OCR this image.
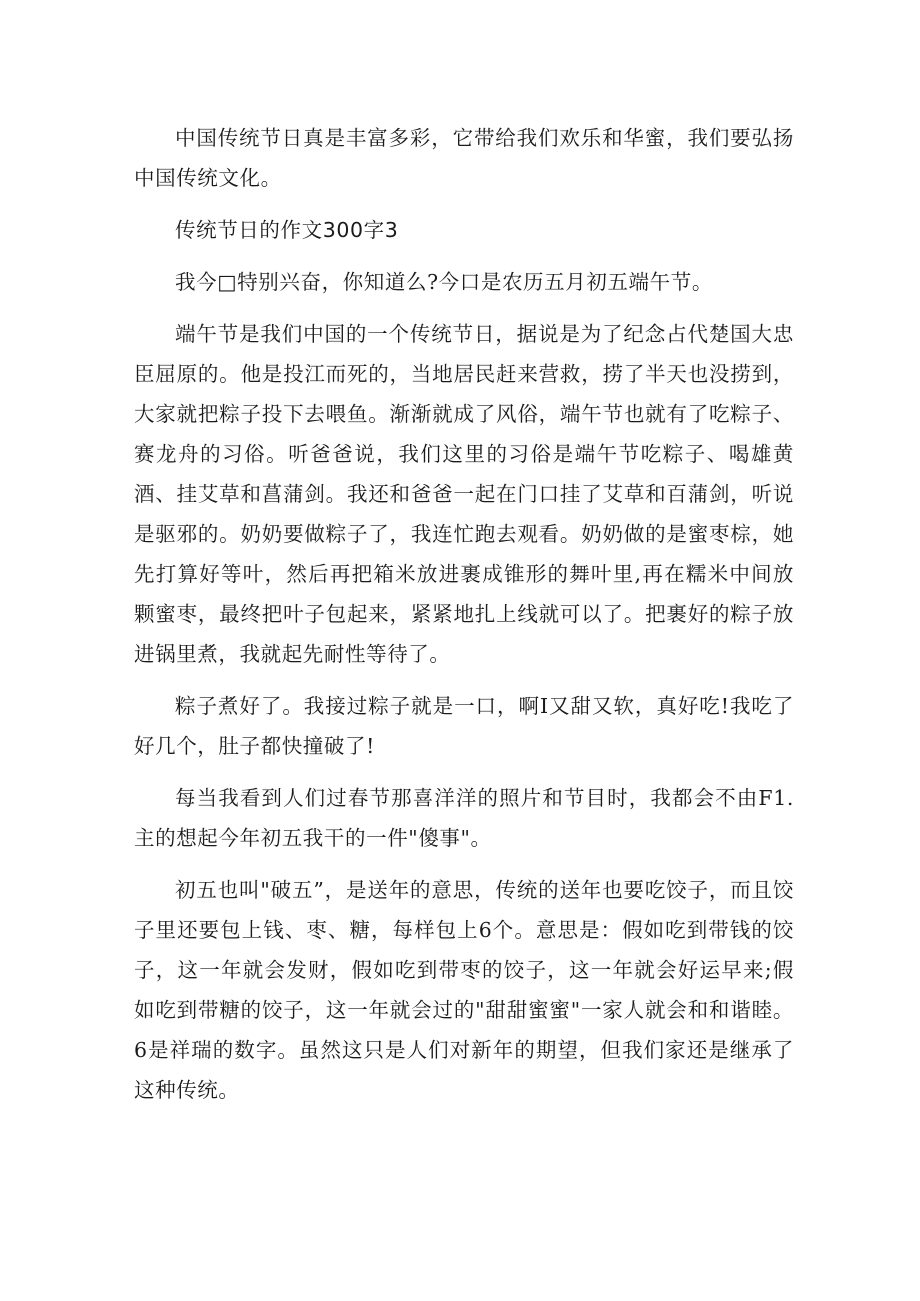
中国传统节日真是丰富多彩，它带给我们欢乐和华蜜，我们要弘扬中国传统文化。

传统节日的作文300字3

我今□特别兴奋，你知道么?今口是农历五月初五端午节。

端午节是我们中国的一个传统节日，据说是为了纪念占代楚国大忠臣屈原的。他是投江而死的，当地居民赶来营救，捞了半天也没捞到，大家就把粽子投下去喂鱼。渐渐就成了风俗，端午节也就有了吃粽子、赛龙舟的习俗。听爸爸说，我们这里的习俗是端午节吃粽子、喝雄黄酒、挂艾草和菖蒲剑。我还和爸爸一起在门口挂了艾草和百蒲剑，听说是驱邪的。奶奶要做粽子了，我连忙跑去观看。奶奶做的是蜜枣棕，她先打算好等叶，然后再把箱米放进裹成锥形的舞叶里,再在糯米中间放颗蜜枣，最终把叶子包起来，紧紧地扎上线就可以了。把裹好的粽子放进锅里煮，我就起先耐性等待了。

粽子煮好了。我接过粽子就是一口，啊I又甜又软，真好吃!我吃了好几个，肚子都快撞破了!

每当我看到人们过春节那喜洋洋的照片和节目时，我都会不由F1.主的想起今年初五我干的一件"傻事"。

初五也叫"破五”，是送年的意思，传统的送年也要吃饺子，而且饺子里还要包上钱、枣、糖，每样包上6个。意思是：假如吃到带钱的饺子，这一年就会发财，假如吃到带枣的饺子，这一年就会好运早来;假如吃到带糖的饺子，这一年就会过的"甜甜蜜蜜"一家人就会和和谐睦。6是祥瑞的数字。虽然这只是人们对新年的期望，但我们家还是继承了这种传统。
